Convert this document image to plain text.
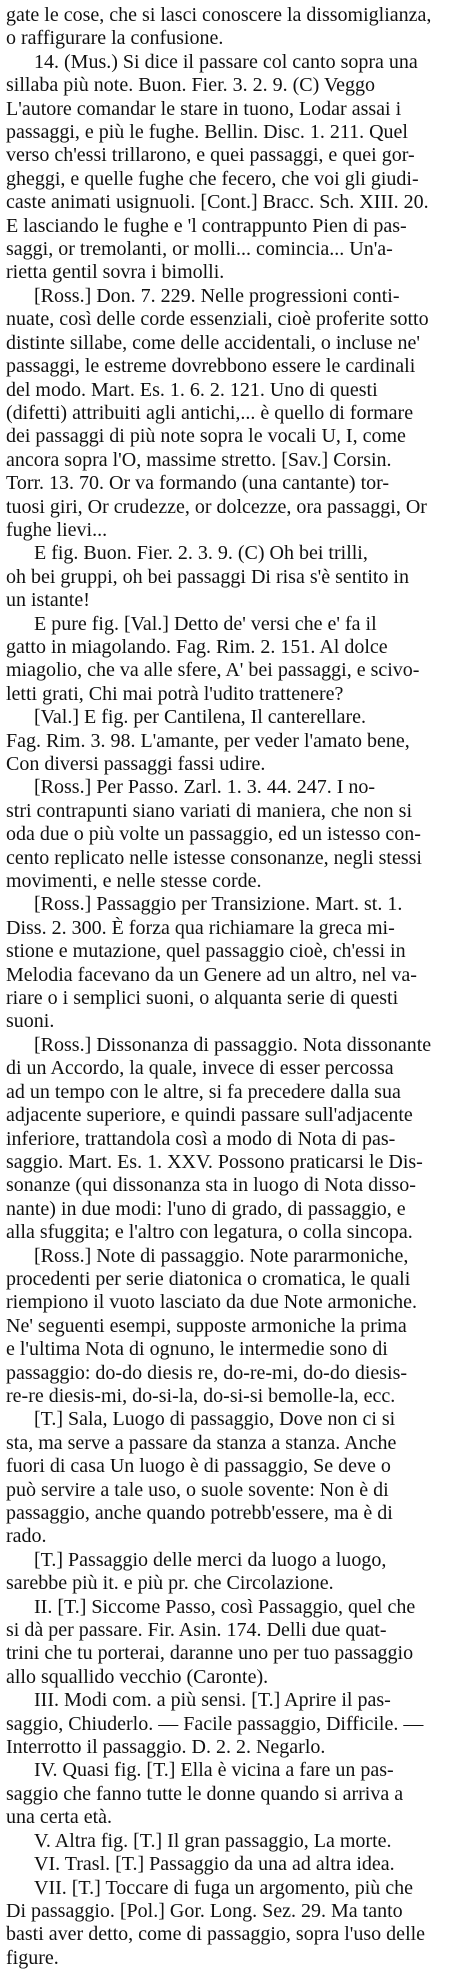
gate le cose, che si lasci conoscere la dissomiglianza,
o raffigurare la confusione.
14. (Mus.) Si dice il passare col canto sopra una
sillaba più note. Buon. Fier. 3. 2. 9. (C) Veggo
L'autore comandar le stare in tuono, Lodar assai i
passaggi, e più le fughe. Bellin. Disc. 1. 211. Quel
verso ch'essi trillarono, e quei passaggi, e quei gor-
gheggi, e quelle fughe che fecero, che voi gli giudi-
caste animati usignuoli. [Cont.] Bracc. Sch. XIII. 20.
E lasciando le fughe e 'l contrappunto Pien di pas-
saggi, or tremolanti, or molli... comincia... Un'a-
rietta gentil sovra i bimolli.
[Ross.] Don. 7. 229. Nelle progressioni conti-
nuate, così delle corde essenziali, cioè proferite sotto
distinte sillabe, come delle accidentali, o incluse ne'
passaggi, le estreme dovrebbono essere le cardinali
del modo. Mart. Es. 1. 6. 2. 121. Uno di questi
(difetti) attribuiti agli antichi,... è quello di formare
dei passaggi di più note sopra le vocali U, I, come
ancora sopra l'O, massime stretto. [Sav.] Corsin.
Torr. 13. 70. Or va formando (una cantante) tor-
tuosi giri, Or crudezze, or dolcezze, ora passaggi, Or
fughe lievi...
E fig. Buon. Fier. 2. 3. 9. (C) Oh bei trilli,
oh bei gruppi, oh bei passaggi Di risa s'è sentito in
un istante!
E pure fig. [Val.] Detto de' versi che e' fa il
gatto in miagolando. Fag. Rim. 2. 151. Al dolce
miagolio, che va alle sfere, A' bei passaggi, e scivo-
letti grati, Chi mai potrà l'udito trattenere?
[Val.] E fig. per Cantilena, Il canterellare.
Fag. Rim. 3. 98. L'amante, per veder l'amato bene,
Con diversi passaggi fassi udire.
[Ross.] Per Passo. Zarl. 1. 3. 44. 247. I no-
stri contrapunti siano variati di maniera, che non si
oda due o più volte un passaggio, ed un istesso con-
cento replicato nelle istesse consonanze, negli stessi
movimenti, e nelle stesse corde.
[Ross.] Passaggio per Transizione. Mart. st. 1.
Diss. 2. 300. È forza qua richiamare la greca mi-
stione e mutazione, quel passaggio cioè, ch'essi in
Melodia facevano da un Genere ad un altro, nel va-
riare o i semplici suoni, o alquanta serie di questi
suoni.
[Ross.] Dissonanza di passaggio. Nota dissonante
di un Accordo, la quale, invece di esser percossa
ad un tempo con le altre, si fa precedere dalla sua
adjacente superiore, e quindi passare sull'adjacente
inferiore, trattandola così a modo di Nota di pas-
saggio. Mart. Es. 1. XXV. Possono praticarsi le Dis-
sonanze (qui dissonanza sta in luogo di Nota disso-
nante) in due modi: l'uno di grado, di passaggio, e
alla sfuggita; e l'altro con legatura, o colla sincopa.
[Ross.] Note di passaggio. Note pararmoniche,
procedenti per serie diatonica o cromatica, le quali
riempiono il vuoto lasciato da due Note armoniche.
Ne' seguenti esempi, supposte armoniche la prima
e l'ultima Nota di ognuno, le intermedie sono di
passaggio: do-do diesis re, do-re-mi, do-do diesis-
re-re diesis-mi, do-si-la, do-si-si bemolle-la, ecc.
[T.] Sala, Luogo di passaggio, Dove non ci si
sta, ma serve a passare da stanza a stanza. Anche
fuori di casa Un luogo è di passaggio, Se deve o
può servire a tale uso, o suole sovente: Non è di
passaggio, anche quando potrebb'essere, ma è di
rado.
[T.] Passaggio delle merci da luogo a luogo,
sarebbe più it. e più pr. che Circolazione.
II. [T.] Siccome Passo, così Passaggio, quel che
si dà per passare. Fir. Asin. 174. Delli due quat-
trini che tu porterai, daranne uno per tuo passaggio
allo squallido vecchio (Caronte).
III. Modi com. a più sensi. [T.] Aprire il pas-
saggio, Chiuderlo. — Facile passaggio, Difficile. —
Interrotto il passaggio. D. 2. 2. Negarlo.
IV. Quasi fig. [T.] Ella è vicina a fare un pas-
saggio che fanno tutte le donne quando si arriva a
una certa età.
V. Altra fig. [T.] Il gran passaggio, La morte.
VI. Trasl. [T.] Passaggio da una ad altra idea.
VII. [T.] Toccare di fuga un argomento, più che
Di passaggio. [Pol.] Gor. Long. Sez. 29. Ma tanto
basti aver detto, come di passaggio, sopra l'uso delle
figure.
